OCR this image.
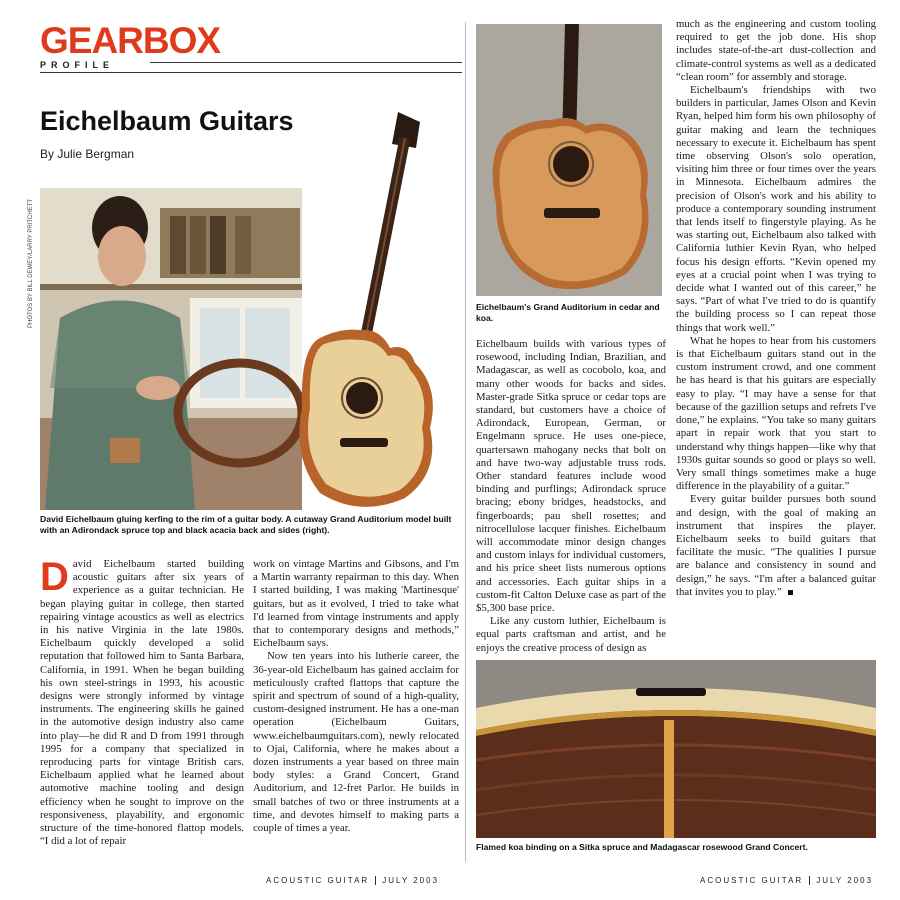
GEARBOX
PROFILE
Eichelbaum Guitars
By Julie Bergman
PHOTOS BY BILL DEWEY/LARRY PRITCHETT
David Eichelbaum gluing kerfing to the rim of a guitar body. A cutaway Grand Auditorium model built with an Adirondack spruce top and black acacia back and sides (right).

David Eichelbaum started building acoustic guitars after six years of experience as a guitar technician. He began playing guitar in college, then started repairing vintage acoustics as well as electrics in his native Virginia in the late 1980s. Eichelbaum quickly developed a solid reputation that followed him to Santa Barbara, California, in 1991. When he began building his own steel-strings in 1993, his acoustic designs were strongly informed by vintage instruments. The engineering skills he gained in the automotive design industry also came into play—he did R and D from 1991 through 1995 for a company that specialized in reproducing parts for vintage British cars. Eichelbaum applied what he learned about automotive machine tooling and design efficiency when he sought to improve on the responsiveness, playability, and ergonomic structure of the time-honored flattop models. “I did a lot of repair

work on vintage Martins and Gibsons, and I'm a Martin warranty repairman to this day. When I started building, I was making 'Martinesque' guitars, but as it evolved, I tried to take what I'd learned from vintage instruments and apply that to contemporary designs and methods,” Eichelbaum says.

Now ten years into his lutherie career, the 36-year-old Eichelbaum has gained acclaim for meticulously crafted flattops that capture the spirit and spectrum of sound of a high-quality, custom-designed instrument. He has a one-man operation (Eichelbaum Guitars, www.eichelbaumguitars.com), newly relocated to Ojai, California, where he makes about a dozen instruments a year based on three main body styles: a Grand Concert, Grand Auditorium, and 12-fret Parlor. He builds in small batches of two or three instruments at a time, and devotes himself to making parts a couple of times a year.

Eichelbaum's Grand Auditorium in cedar and koa.

Eichelbaum builds with various types of rosewood, including Indian, Brazilian, and Madagascar, as well as cocobolo, koa, and many other woods for backs and sides. Master-grade Sitka spruce or cedar tops are standard, but customers have a choice of Adirondack, European, German, or Engelmann spruce. He uses one-piece, quartersawn mahogany necks that bolt on and have two-way adjustable truss rods. Other standard features include wood binding and purflings; Adirondack spruce bracing; ebony bridges, headstocks, and fingerboards; pau shell rosettes; and nitrocellulose lacquer finishes. Eichelbaum will accommodate minor design changes and custom inlays for individual customers, and his price sheet lists numerous options and accessories. Each guitar ships in a custom-fit Calton Deluxe case as part of the $5,300 base price.

Like any custom luthier, Eichelbaum is equal parts craftsman and artist, and he enjoys the creative process of design as

much as the engineering and custom tooling required to get the job done. His shop includes state-of-the-art dust-collection and climate-control systems as well as a dedicated “clean room” for assembly and storage.

Eichelbaum's friendships with two builders in particular, James Olson and Kevin Ryan, helped him form his own philosophy of guitar making and learn the techniques necessary to execute it. Eichelbaum has spent time observing Olson's solo operation, visiting him three or four times over the years in Minnesota. Eichelbaum admires the precision of Olson's work and his ability to produce a contemporary sounding instrument that lends itself to fingerstyle playing. As he was starting out, Eichelbaum also talked with California luthier Kevin Ryan, who helped focus his design efforts. “Kevin opened my eyes at a crucial point when I was trying to decide what I wanted out of this career,” he says. “Part of what I've tried to do is quantify the building process so I can repeat those things that work well.”

What he hopes to hear from his customers is that Eichelbaum guitars stand out in the custom instrument crowd, and one comment he has heard is that his guitars are especially easy to play. “I may have a sense for that because of the gazillion setups and refrets I've done,” he explains. “You take so many guitars apart in repair work that you start to understand why things happen—like why that 1930s guitar sounds so good or plays so well. Very small things sometimes make a huge difference in the playability of a guitar.”

Every guitar builder pursues both sound and design, with the goal of making an instrument that inspires the player. Eichelbaum seeks to build guitars that facilitate the music. “The qualities I pursue are balance and consistency in sound and design,” he says. “I'm after a balanced guitar that invites you to play.”

Flamed koa binding on a Sitka spruce and Madagascar rosewood Grand Concert.
ACOUSTIC GUITAR JULY 2003	ACOUSTIC GUITAR JULY 2003
